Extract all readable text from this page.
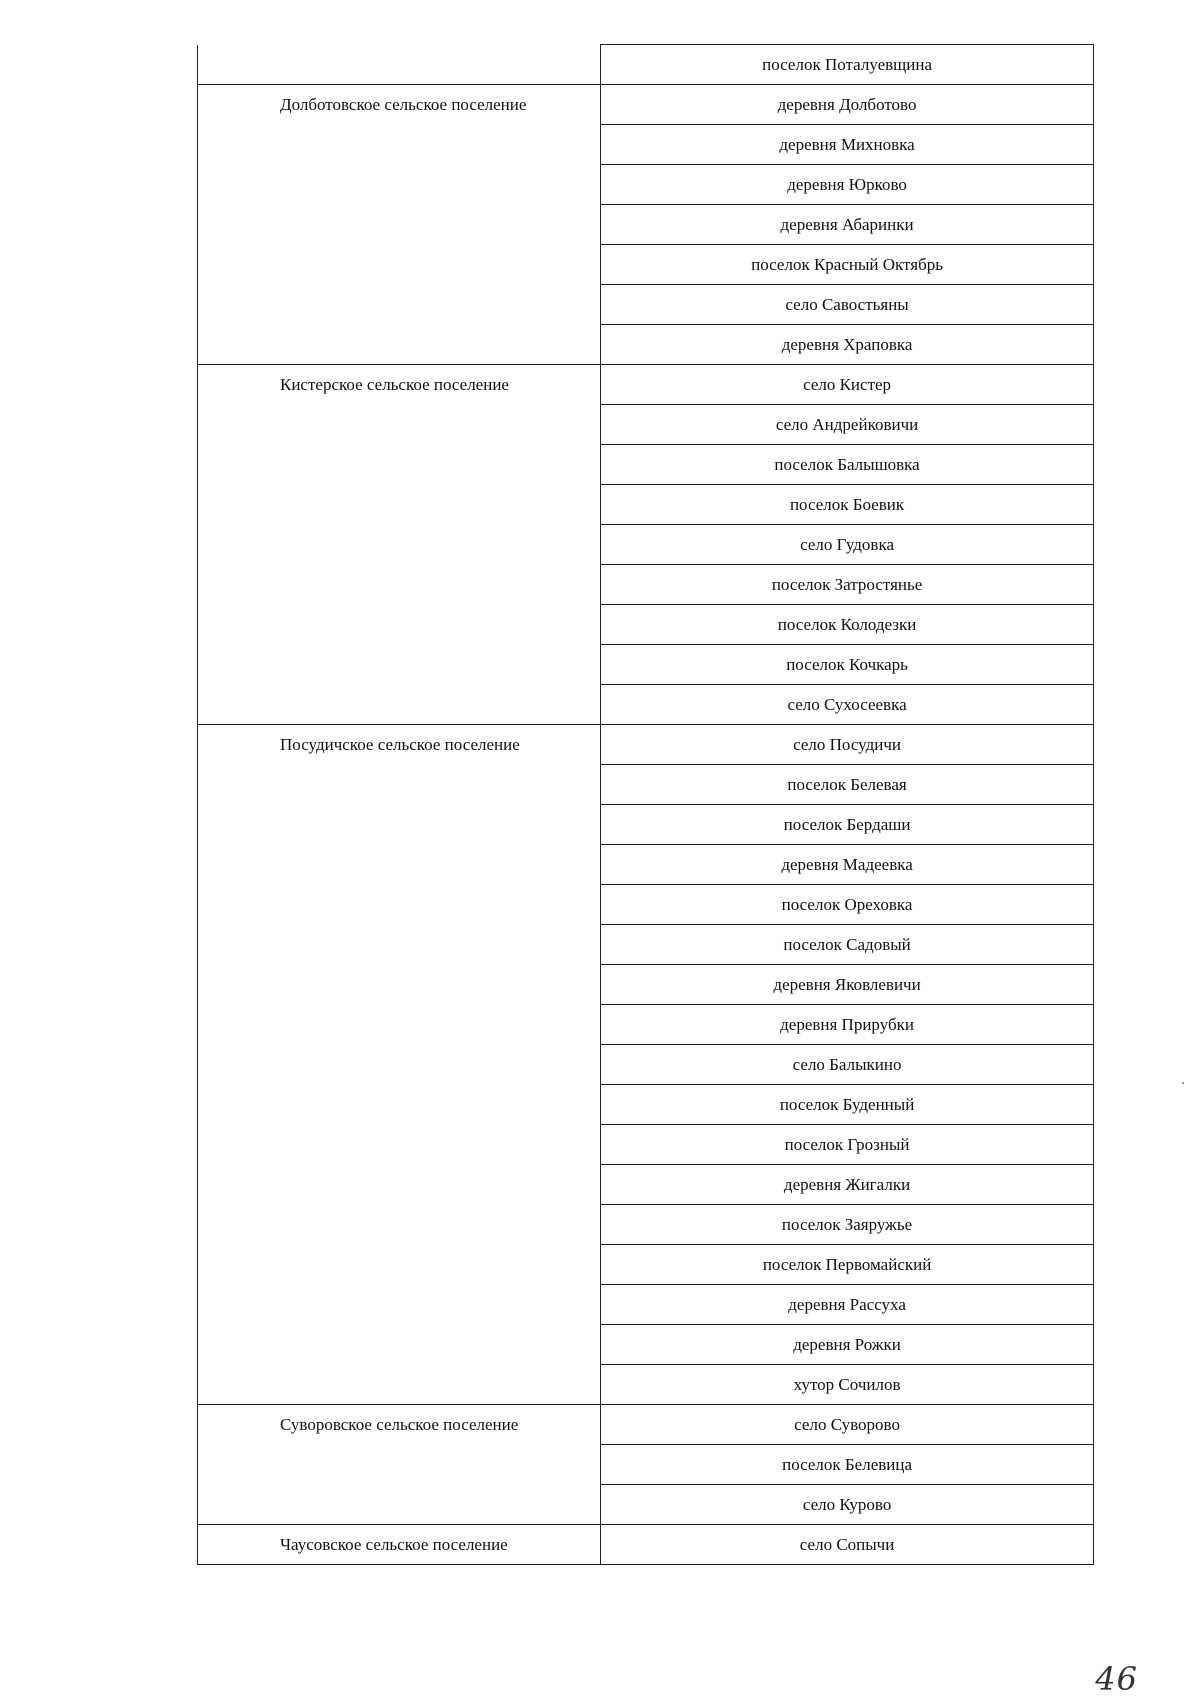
	поселок Поталуевщина
Долботовское сельское поселение	деревня Долботово
	деревня Михновка
	деревня Юрково
	деревня Абаринки
	поселок Красный Октябрь
	село Савостьяны
	деревня Храповка
Кистерское сельское поселение	село Кистер
	село Андрейковичи
	поселок Балышовка
	поселок Боевик
	село Гудовка
	поселок Затростянье
	поселок Колодезки
	поселок Кочкарь
	село Сухосеевка
Посудичское сельское поселение	село Посудичи
	поселок Белевая
	поселок Бердаши
	деревня Мадеевка
	поселок Ореховка
	поселок Садовый
	деревня Яковлевичи
	деревня Прирубки
	село Балыкино
	поселок Буденный
	поселок Грозный
	деревня Жигалки
	поселок Заяружье
	поселок Первомайский
	деревня Рассуха
	деревня Рожки
	хутор Сочилов
Суворовское сельское поселение	село Суворово
	поселок Белевица
	село Курово
Чаусовское сельское поселение	село Сопычи
46
